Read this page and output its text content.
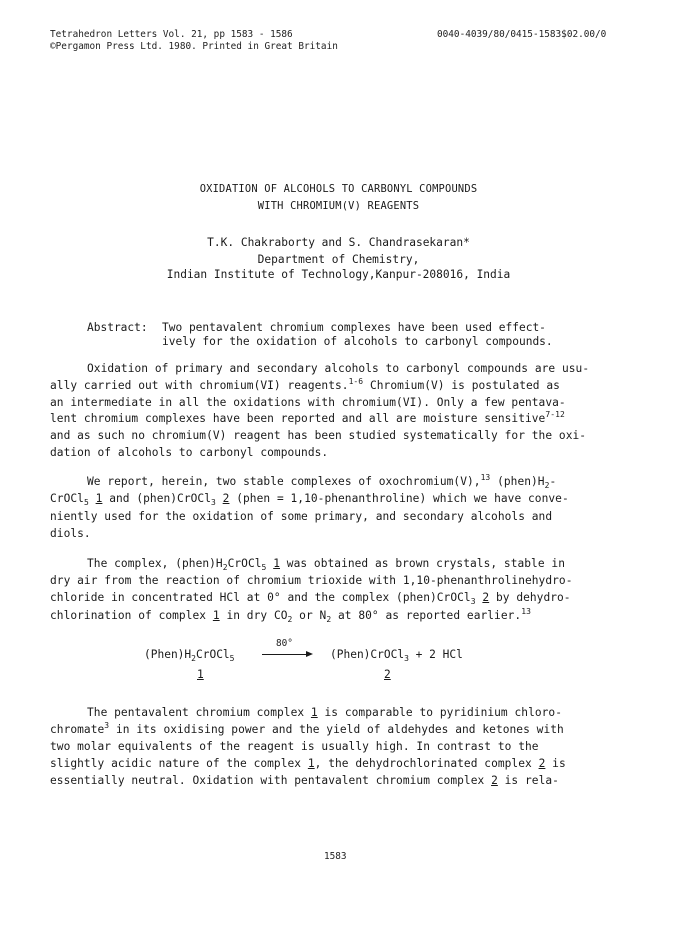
Tetrahedron Letters Vol. 21, pp 1583 - 1586	0040-4039/80/0415-1583$02.00/0
©Pergamon Press Ltd. 1980. Printed in Great Britain
OXIDATION OF ALCOHOLS TO CARBONYL COMPOUNDS
WITH CHROMIUM(V) REAGENTS
T.K. Chakraborty and S. Chandrasekaran*
Department of Chemistry,
Indian Institute of Technology,Kanpur-208016, India
Abstract: Two pentavalent chromium complexes have been used effect-
ively for the oxidation of alcohols to carbonyl compounds.
Oxidation of primary and secondary alcohols to carbonyl compounds are usu-
ally carried out with chromium(VI) reagents.$^{1-6}$ Chromium(V) is postulated as
an intermediate in all the oxidations with chromium(VI). Only a few pentava-
lent chromium complexes have been reported and all are moisture sensitive$^{7-12}$
and as such no chromium(V) reagent has been studied systematically for the oxi-
dation of alcohols to carbonyl compounds.
We report, herein, two stable complexes of oxochromium(V),$^{13}$ $(phen)H_2-$
CrOCl$_5$ 1 and (phen)CrOCl$_3$ 2 (phen = 1,10-phenanthroline) which we have conve-
niently used for the oxidation of some primary, and secondary alcohols and
diols.
The complex, $(phen)H_2CrOCl_5$ 1 was obtained as brown crystals, stable in
dry air from the reaction of chromium trioxide with 1,10-phenanthrolinehydro-
chloride in concentrated HCl at 0° and the complex (phen)CrOCl$_3$ 2 by dehydro-
chlorination of complex 1 in dry $CO_2$ or $N_2$ at 80° as reported earlier.$^{13}$
$(Phen)H_2CrOCl_5$
80°
(Phen)CrOCl$_3$ + 2 HCl
1	2
The pentavalent chromium complex 1 is comparable to pyridinium chloro-
chromate$^3$ in its oxidising power and the yield of aldehydes and ketones with
two molar equivalents of the reagent is usually high. In contrast to the
slightly acidic nature of the complex 1, the dehydrochlorinated complex 2 is
essentially neutral. Oxidation with pentavalent chromium complex 2 is rela-
1583
